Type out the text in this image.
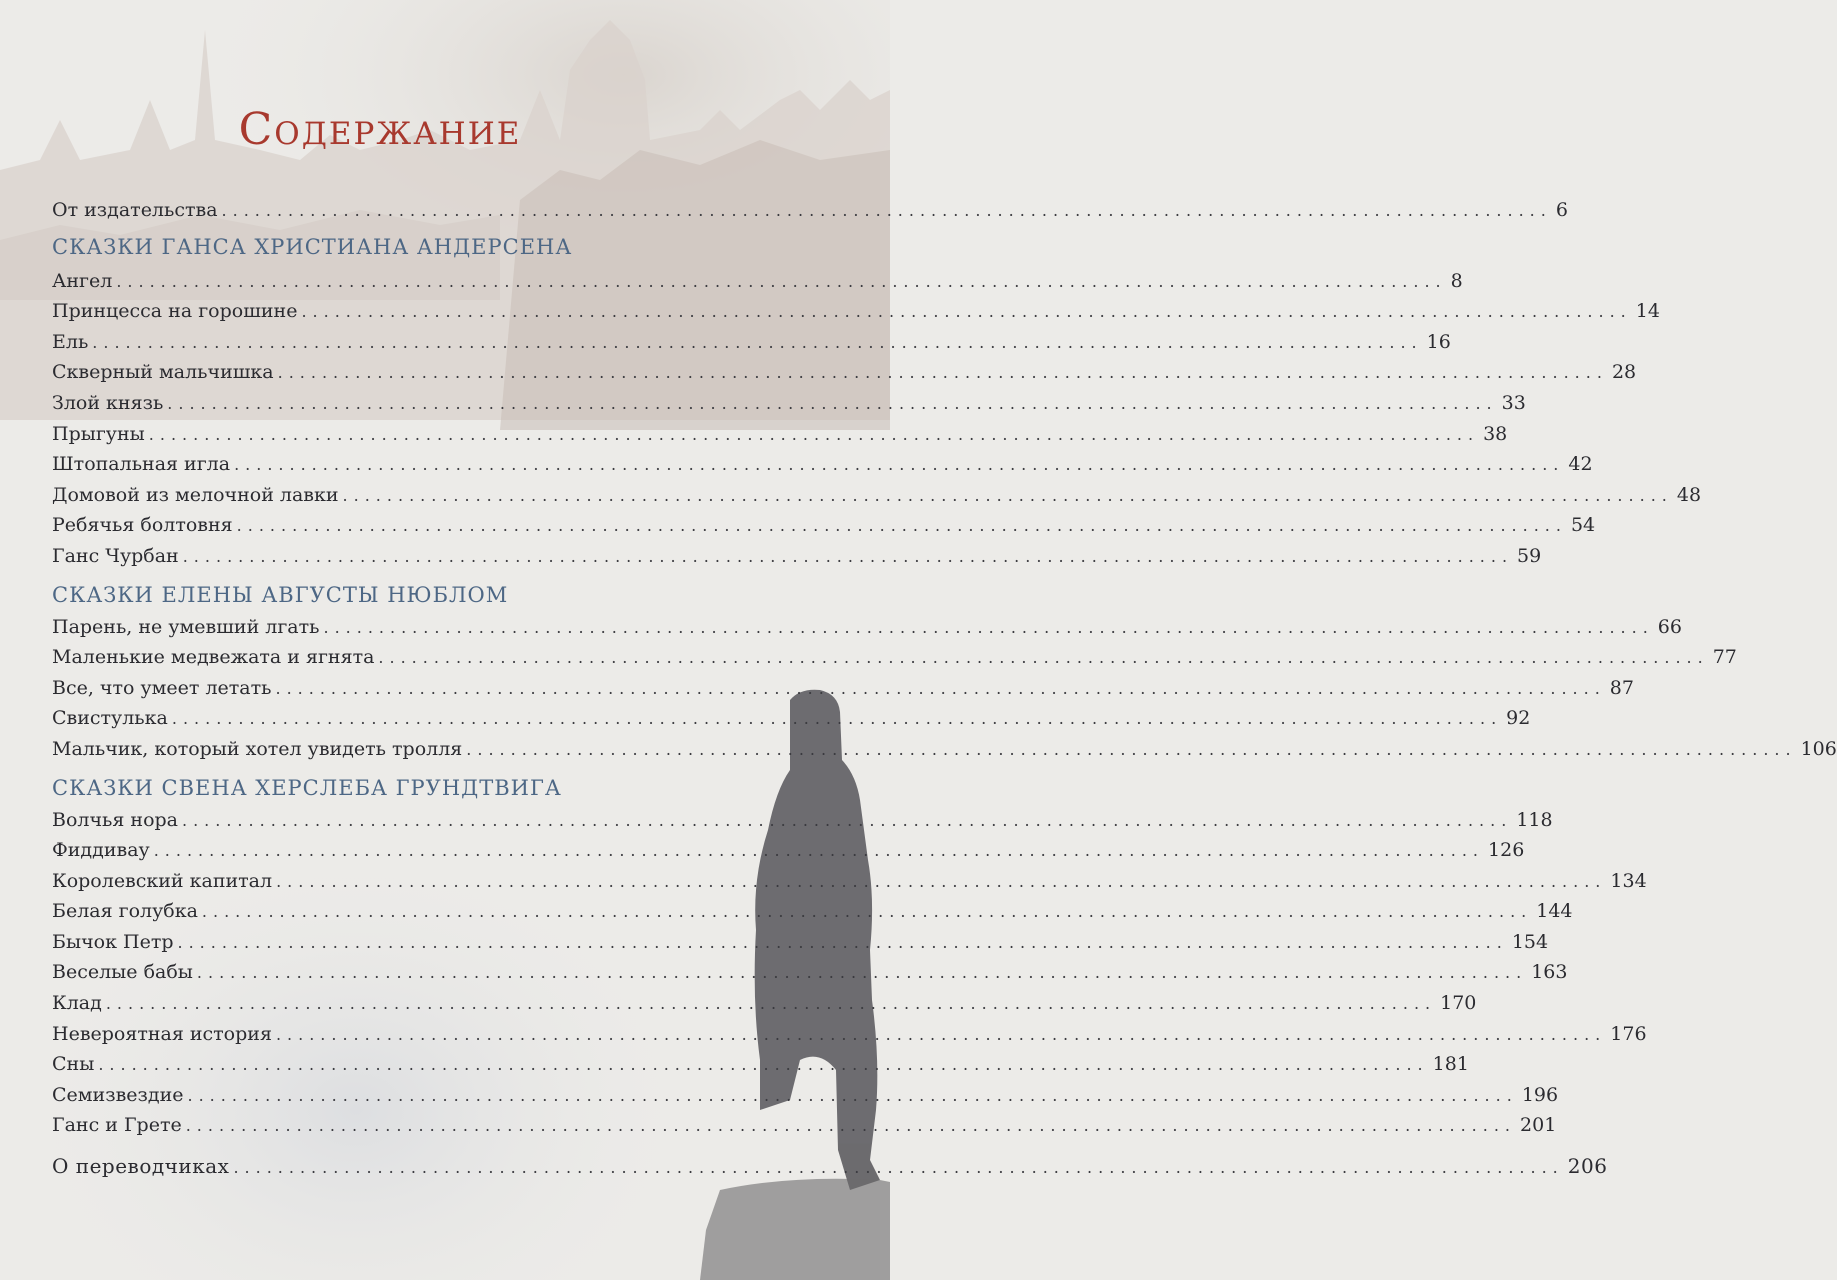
Содержание
От издательства ........................................................................................................................ 6
СКАЗКИ ГАНСА ХРИСТИАНА АНДЕРСЕНА
Ангел ........................................................................................................................ 8
Принцесса на горошине ........................................................................................................................ 14
Ель ........................................................................................................................ 16
Скверный мальчишка ........................................................................................................................ 28
Злой князь ........................................................................................................................ 33
Прыгуны ........................................................................................................................ 38
Штопальная игла ........................................................................................................................ 42
Домовой из мелочной лавки ........................................................................................................................ 48
Ребячья болтовня ........................................................................................................................ 54
Ганс Чурбан ........................................................................................................................ 59
СКАЗКИ ЕЛЕНЫ АВГУСТЫ НЮБЛОМ
Парень, не умевший лгать ........................................................................................................................ 66
Маленькие медвежата и ягнята ........................................................................................................................ 77
Все, что умеет летать ........................................................................................................................ 87
Свистулька ........................................................................................................................ 92
Мальчик, который хотел увидеть тролля ........................................................................................................................ 106
СКАЗКИ СВЕНА ХЕРСЛЕБА ГРУНДТВИГА
Волчья нора ........................................................................................................................ 118
Фиддивау ........................................................................................................................ 126
Королевский капитал ........................................................................................................................ 134
Белая голубка ........................................................................................................................ 144
Бычок Петр ........................................................................................................................ 154
Веселые бабы ........................................................................................................................ 163
Клад ........................................................................................................................ 170
Невероятная история ........................................................................................................................ 176
Сны ........................................................................................................................ 181
Семизвездие ........................................................................................................................ 196
Ганс и Грете ........................................................................................................................ 201
О переводчиках ........................................................................................................................ 206
